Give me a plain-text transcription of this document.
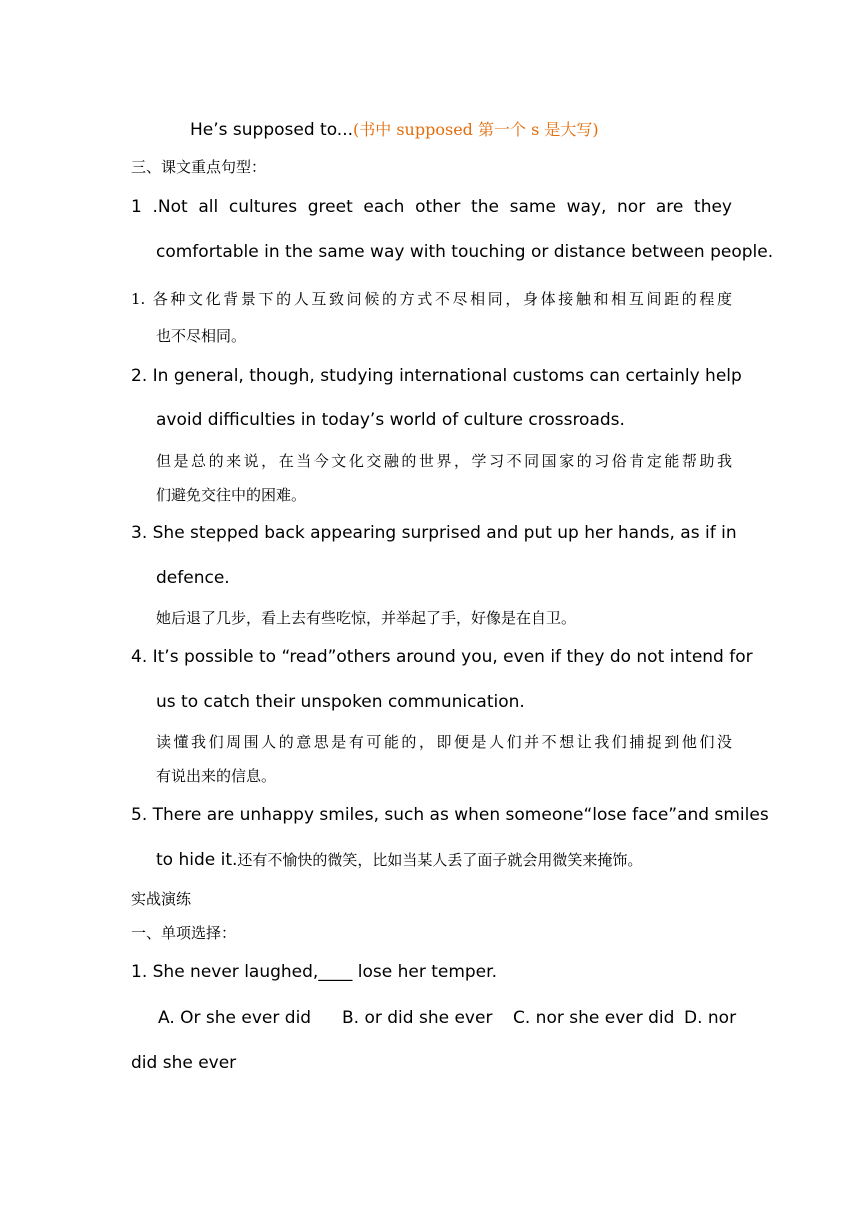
He’s supposed to...(书中 supposed 第一个 s 是大写)
三、课文重点句型：
1 .Not all cultures greet each other the same way, nor are they
comfortable in the same way with touching or distance between people.
1. 各种文化背景下的人互致问候的方式不尽相同，身体接触和相互间距的程度
也不尽相同。
2. In general, though, studying international customs can certainly help
avoid difficulties in today’s world of culture crossroads.
但是总的来说，在当今文化交融的世界，学习不同国家的习俗肯定能帮助我
们避免交往中的困难。
3. She stepped back appearing surprised and put up her hands, as if in
defence.
她后退了几步，看上去有些吃惊，并举起了手，好像是在自卫。
4. It’s possible to “read”others around you, even if they do not intend for
us to catch their unspoken communication.
读懂我们周围人的意思是有可能的，即便是人们并不想让我们捕捉到他们没
有说出来的信息。
5. There are unhappy smiles, such as when someone“lose face”and smiles
to hide it.还有不愉快的微笑，比如当某人丢了面子就会用微笑来掩饰。
实战演练
一、单项选择：
1. She never laughed,____ lose her temper.
A. Or she ever did B. or did she ever C. nor she ever did D. nor
did she ever
